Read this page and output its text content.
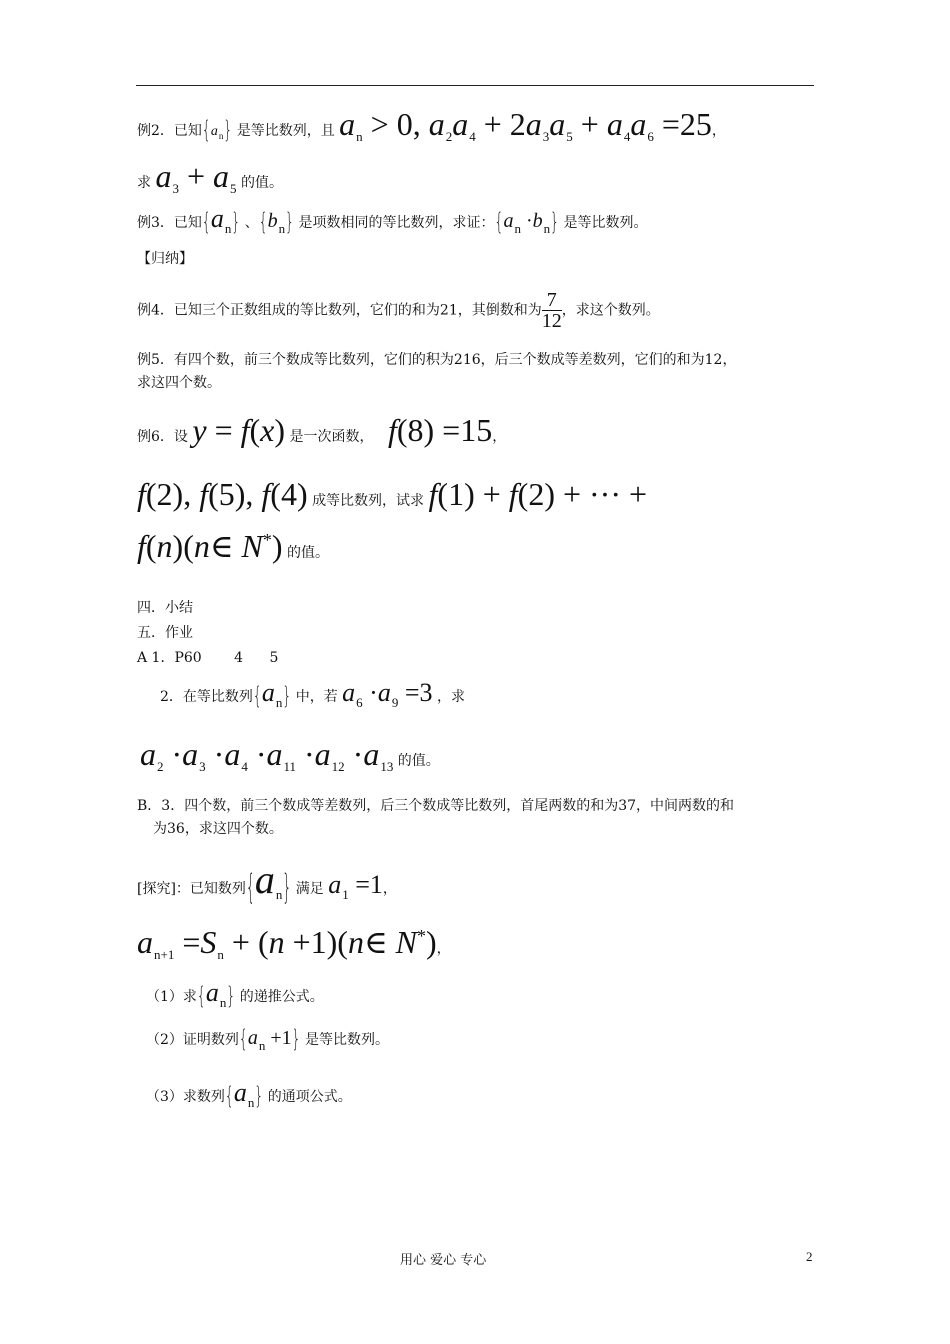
例2．已知$\{a_n\}$ 是等比数列，且 $a_n > 0$, $a_2a_4 + 2a_3a_5 + a_4a_6 =25$，
求 $a_3 + a_5$ 的值。
例3．已知$\{a_n\}$ 、$\{b_n\}$ 是项数相同的等比数列，求证：$\{a_n \cdot b_n\}$ 是等比数列。
【归纳】
例4．已知三个正数组成的等比数列，它们的和为21，其倒数和为 $\frac{7}{12}$ ，求这个数列。
例5．有四个数，前三个数成等比数列，它们的积为216，后三个数成等差数列，它们的和为12，
求这四个数。
例6．设 y = f(x) 是一次函数， f(8) =15，
f(2), f(5), f(4) 成等比数列，试求 f(1) + f(2) + ··· +
f(n)(n∈ N*) 的值。
四．小结
五．作业
A 1．P60 4 5
2．在等比数列$\{a_n\}$ 中，若 $a_6 \cdot a_9 =3$ ，求
$a_2 \cdot a_3 \cdot a_4 \cdot a_{11} \cdot a_{12} \cdot a_{13}$ 的值。
B．3．四个数，前三个数成等差数列，后三个数成等比数列，首尾两数的和为37，中间两数的和
为36，求这四个数。
[探究]：已知数列$\{a_n\}$ 满足 $a_1 =1$，
$a_{n+1} =S_n + (n$ +1)(n∈ N*)，
（1）求$\{a_n\}$ 的递推公式。
（2）证明数列$\{a_n +1\}$ 是等比数列。
（3）求数列$\{a_n\}$ 的通项公式。
用心 爱心 专心	2
